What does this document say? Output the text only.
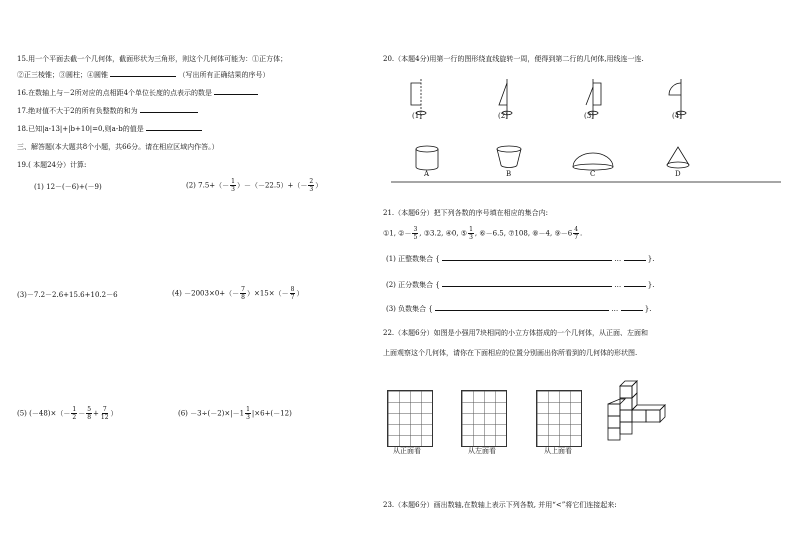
15.用一个平面去截一个几何体，截面形状为三角形，则这个几何体可能为：①正方体；
②正三棱锥；③圆柱；④圆锥	（写出所有正确结果的序号）
16.在数轴上与－2所对应的点相距4个单位长度的点表示的数是
17.绝对值不大于2的所有负整数的和为
18.已知|a-13|+|b+10|=0,则a-b的值是
三、解答题(本大题共8个小题，共66分。请在相应区域内作答。）
19.( 本题24分）计算:
(1) 12－(－6)+(－9)	(2) $7.5+(- \frac{1}{3} )-(-22.5)+(- \frac{2}{3}$ ）
(3)－7.2－2.6+15.6+10.2－6	$(4) -2003\times 0+(- \frac{7}{8} )\times 15\times(- \frac{8}{7}$ ）
(5) $(-48)\times(- \frac{1}{2} - \frac{5}{8} + \frac{7}{12}$ ）	$(6) -3\div(-2)\times|-1 \frac{1}{3} |\times 6+(-12)$
20.（本题4分)用第一行的图形绕直线旋转一周，便得到第二行的几何体,用线连一连.
(1)	(2)	(3)	(4)
A	B	C	D
21.（本题6分）把下列各数的序号填在相应的集合内:
①1, ②－ $\frac{3}{5}$ , ③3.2, ④0, ⑤ $\frac{1}{3}$ , ⑥－6.5, ⑦108, ⑧－4, ⑨－6 $\frac{4}{7}$ .
(1) 正整数集合 {	…	}.
(2) 正分数集合 {	…	}.
(3) 负数集合 {	…	}.
22.（本题6分）如图是小强用7块相同的小立方体搭成的一个几何体，从正面、左面和
上面观察这个几何体，请你在下面相应的位置分别画出你所看到的几何体的形状图.
从正面看	从左面看	从上面看
23.（本题6分）画出数轴,在数轴上表示下列各数, 并用“<”将它们连接起来:
